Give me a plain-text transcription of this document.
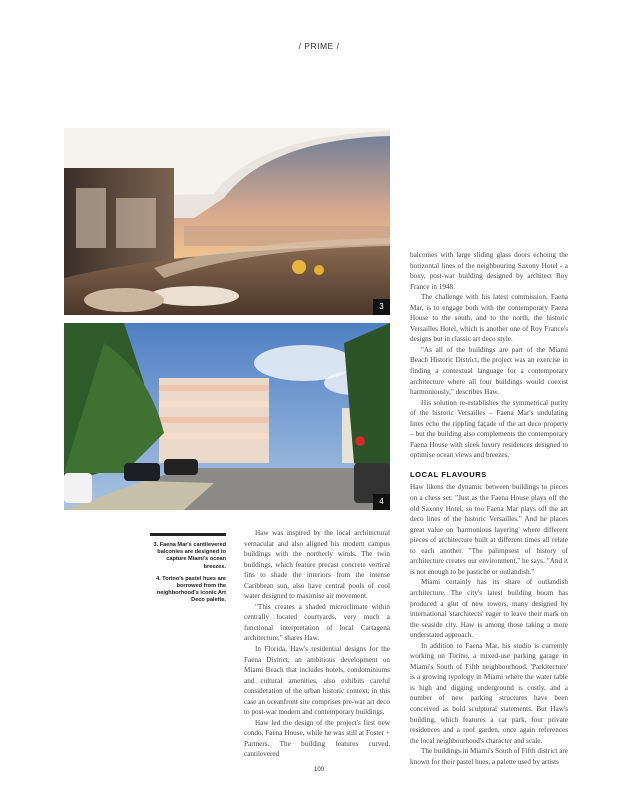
/ PRIME /
3
4

3. Faena Mar's cantilevered balconies are designed to capture Miami's ocean breezes.

4. Torino's pastel hues are borrowed from the neighborhood's iconic Art Deco palette.

Haw was inspired by the local architectural vernacular and also aligned his modern campus buildings with the northerly winds. The twin buildings, which feature precast concrete vertical fins to shade the interiors from the intense Caribbean sun, also have central pools of cool water designed to maximise air movement.

"This creates a shaded microclimate within centrally located courtyards, very much a functional interpretation of local Cartagena architecture," shares Haw.

In Florida, Haw's residential designs for the Faena District, an ambitious development on Miami Beach that includes hotels, condominiums and cultural amenities, also exhibits careful consideration of the urban historic context; in this case an oceanfront site comprises pre-war art deco to post-war modern and contemporary buildings.

Haw led the design of the project's first new condo, Faena House, while he was still at Foster + Partners. The building features curved, cantilevered

balconies with large sliding glass doors echoing the horizontal lines of the neighbouring Saxony Hotel - a boxy, post-war building designed by architect Roy France in 1948.

The challenge with his latest commission, Faena Mar, is to engage both with the contemporary Faena House to the south, and to the north, the historic Versailles Hotel, which is another one of Roy France's designs but in classic art deco style.

"As all of the buildings are part of the Miami Beach Historic District, the project was an exercise in finding a contextual language for a contemporary architecture where all four buildings would coexist harmoniously," describes Haw.

His solution re-establishes the symmetrical purity of the historic Versailles – Faena Mar's undulating lines echo the rippling façade of the art deco property – but the building also complements the contemporary Faena House with sleek luxury residences designed to optimise ocean views and breezes.

LOCAL FLAVOURS

Haw likens the dynamic between buildings to pieces on a chess set: "Just as the Faena House plays off the old Saxony Hotel, so too Faena Mar plays off the art deco lines of the historic Versailles." And he places great value on 'harmonious layering' where different pieces of architecture built at different times all relate to each another. "The palimpsest of history of architecture creates our environment," he says. "And it is not enough to be pastiche or outlandish."

Miami certainly has its share of outlandish architecture. The city's latest building boom has produced a glut of new towers, many designed by international 'starchitects' eager to leave their mark on the seaside city. Haw is among those taking a more understated approach.

In addition to Faena Mar, his studio is currently working on Torino, a mixed-use parking garage in Miami's South of Fifth neighbourhood. 'Parkitecture' is a growing typology in Miami where the water table is high and digging underground is costly, and a number of new parking structures have been conceived as bold sculptural statements. But Haw's building, which features a car park, four private residences and a roof garden, once again references the local neighbourhood's character and scale.

The buildings in Miami's South of Fifth district are known for their pastel hues, a palette used by artists

100
